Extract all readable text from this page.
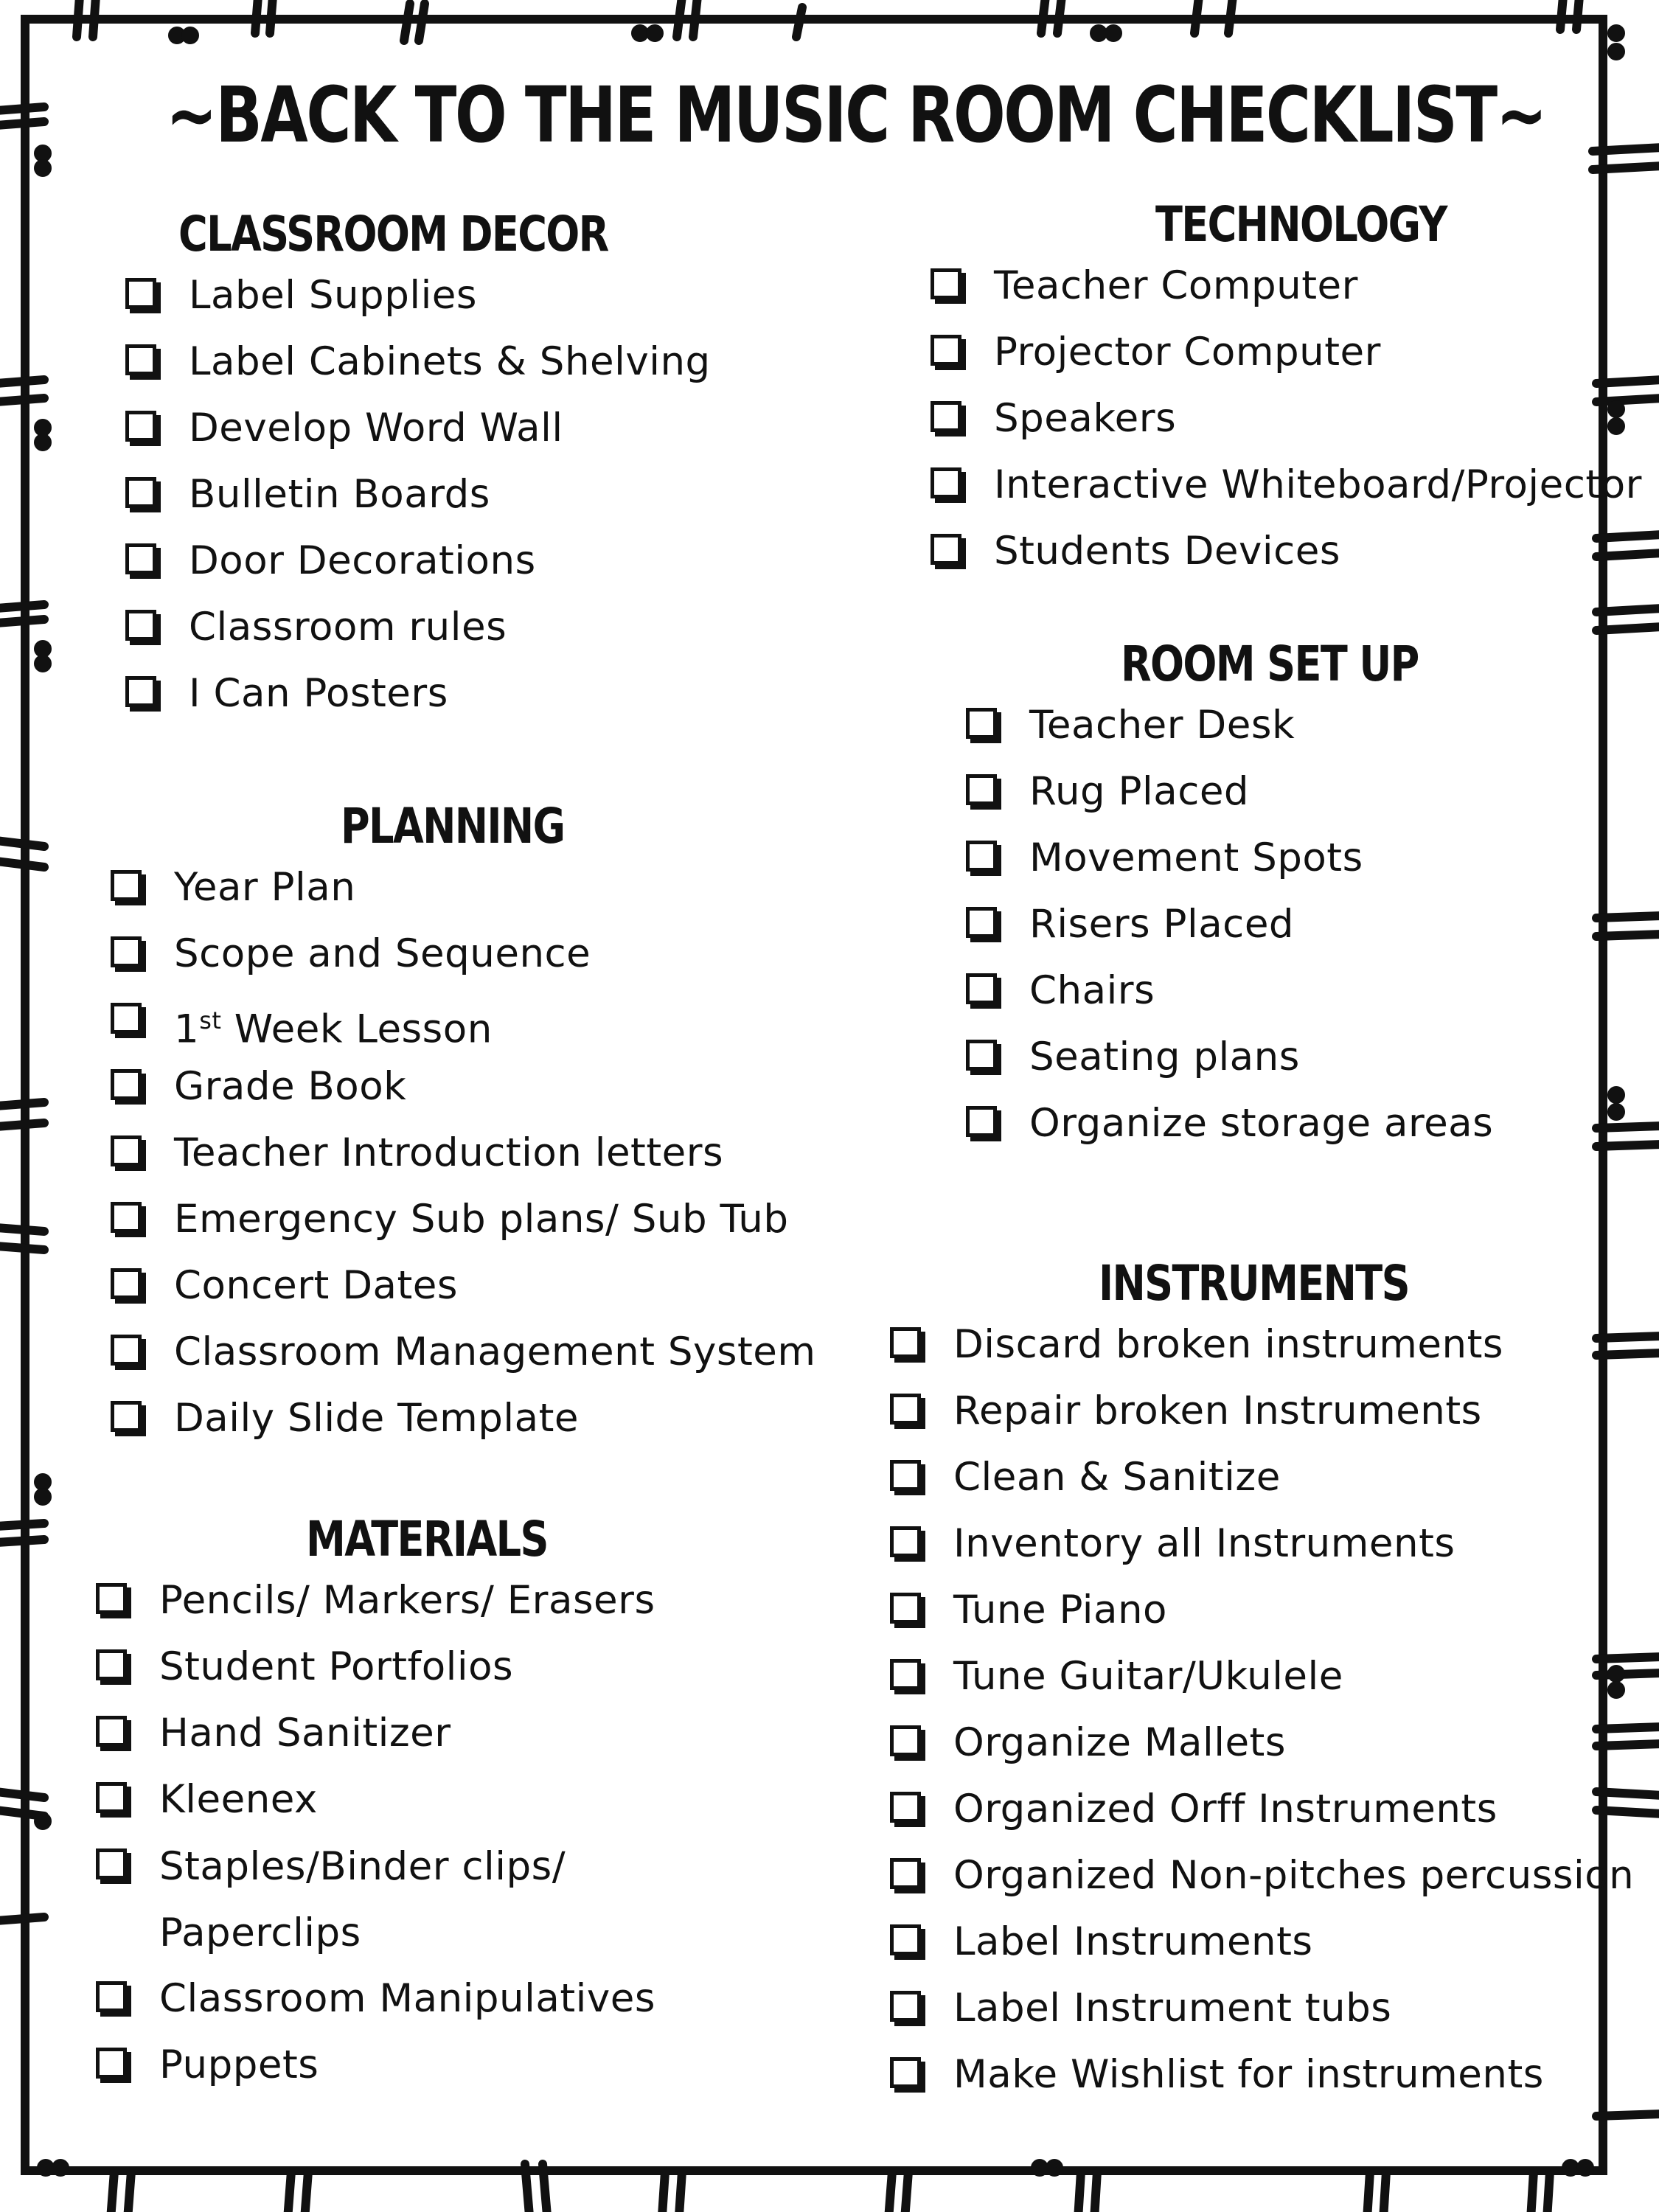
~BACK TO THE MUSIC ROOM CHECKLIST~
CLASSROOM DECOR
Label Supplies
Label Cabinets & Shelving
Develop Word Wall
Bulletin Boards
Door Decorations
Classroom rules
I Can Posters
TECHNOLOGY
Teacher Computer
Projector Computer
Speakers
Interactive Whiteboard/Projector
Students Devices
ROOM SET UP
Teacher Desk
Rug Placed
Movement Spots
Risers Placed
Chairs
Seating plans
Organize storage areas
PLANNING
Year Plan
Scope and Sequence
1st Week Lesson
Grade Book
Teacher Introduction letters
Emergency Sub plans/ Sub Tub
Concert Dates
Classroom Management System
Daily Slide Template
MATERIALS
Pencils/ Markers/ Erasers
Student Portfolios
Hand Sanitizer
Kleenex
Staples/Binder clips/ Paperclips
Classroom Manipulatives
Puppets
INSTRUMENTS
Discard broken instruments
Repair broken Instruments
Clean & Sanitize
Inventory all Instruments
Tune Piano
Tune Guitar/Ukulele
Organize Mallets
Organized Orff Instruments
Organized Non-pitches percussion
Label Instruments
Label Instrument tubs
Make Wishlist for instruments
